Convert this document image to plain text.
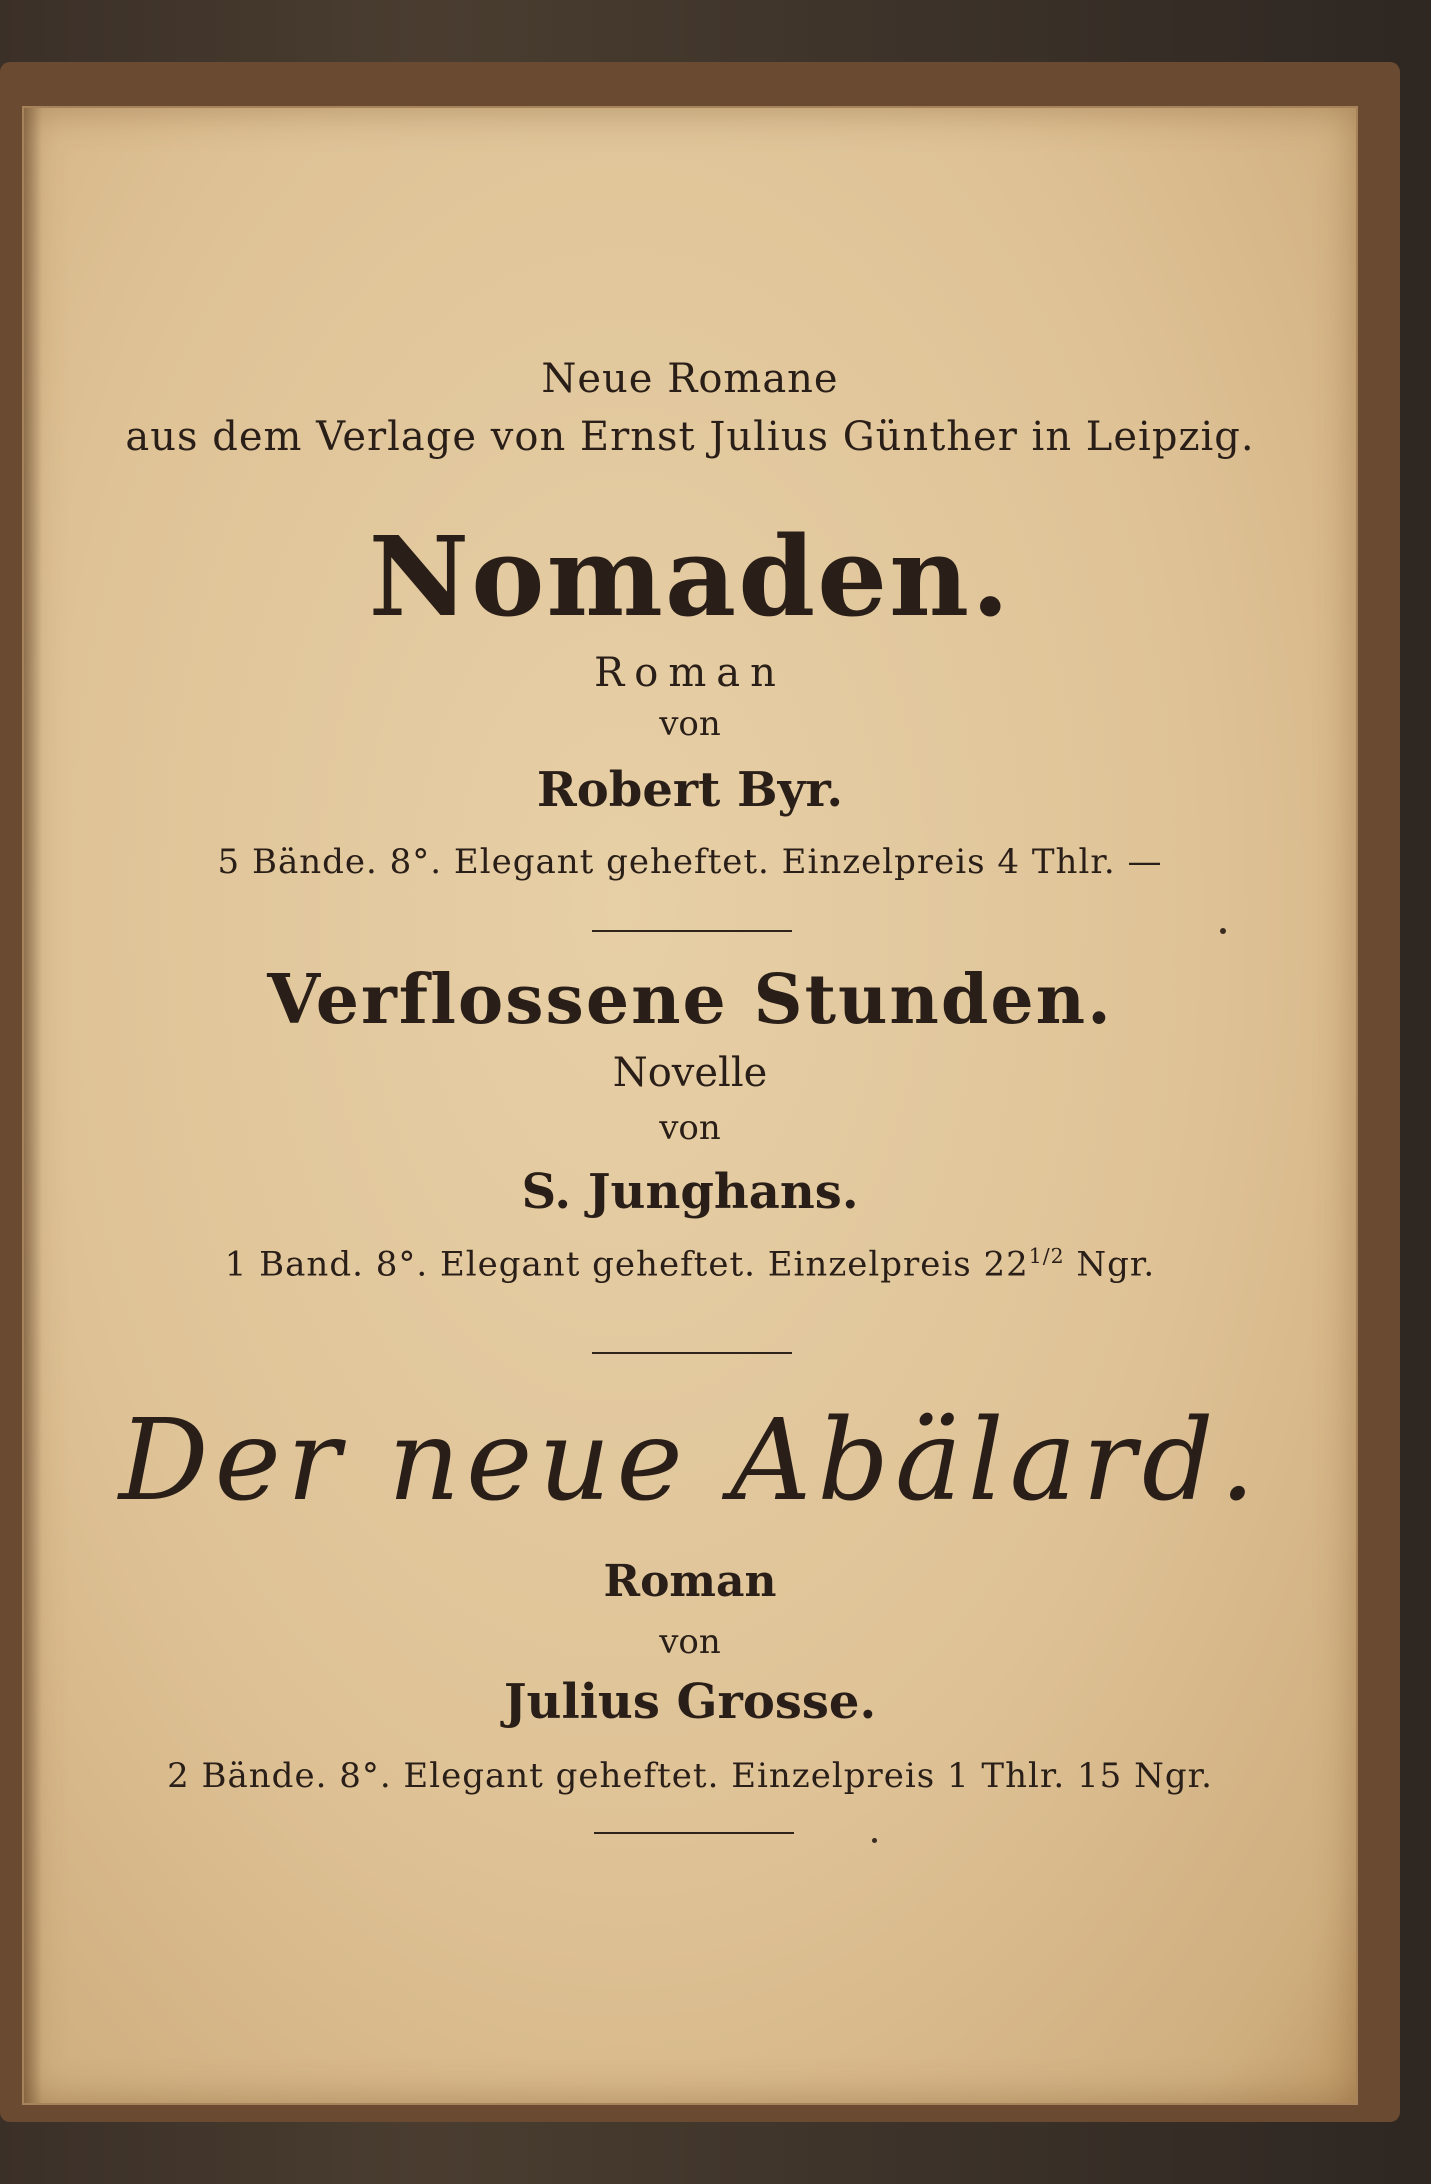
Neue Romane
aus dem Verlage von Ernst Julius Günther in Leipzig.
Nomaden.
Roman
von
Robert Byr.
5 Bände. 8°. Elegant geheftet. Einzelpreis 4 Thlr. —
Verflossene Stunden.
Novelle
von
S. Junghans.
1 Band. 8°. Elegant geheftet. Einzelpreis $22^{1/2}$ Ngr.
Der neue Abälard.
Roman
von
Julius Grosse.
2 Bände. 8°. Elegant geheftet. Einzelpreis 1 Thlr. 15 Ngr.
